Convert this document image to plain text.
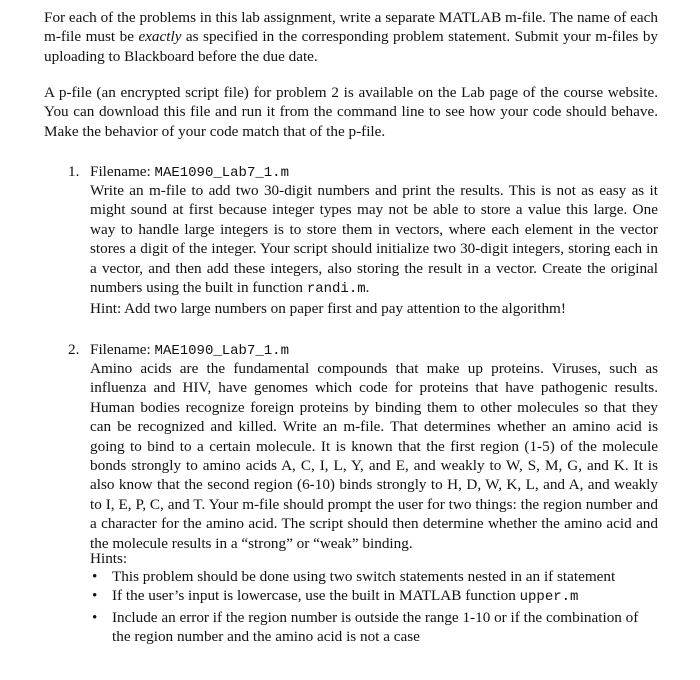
For each of the problems in this lab assignment, write a separate MATLAB m-file. The name of each m-file must be exactly as specified in the corresponding problem statement. Submit your m-files by uploading to Blackboard before the due date.

A p-file (an encrypted script file) for problem 2 is available on the Lab page of the course website. You can download this file and run it from the command line to see how your code should behave. Make the behavior of your code match that of the p-file.

1. Filename: MAE1090_Lab7_1.m

Write an m-file to add two 30-digit numbers and print the results. This is not as easy as it might sound at first because integer types may not be able to store a value this large. One way to handle large integers is to store them in vectors, where each element in the vector stores a digit of the integer. Your script should initialize two 30-digit integers, storing each in a vector, and then add these integers, also storing the result in a vector. Create the original numbers using the built in function randi.m.

Hint: Add two large numbers on paper first and pay attention to the algorithm!

2. Filename: MAE1090_Lab7_1.m

Amino acids are the fundamental compounds that make up proteins. Viruses, such as influenza and HIV, have genomes which code for proteins that have pathogenic results. Human bodies recognize foreign proteins by binding them to other molecules so that they can be recognized and killed. Write an m-file. That determines whether an amino acid is going to bind to a certain molecule. It is known that the first region (1-5) of the molecule bonds strongly to amino acids A, C, I, L, Y, and E, and weakly to W, S, M, G, and K. It is also know that the second region (6-10) binds strongly to H, D, W, K, L, and A, and weakly to I, E, P, C, and T. Your m-file should prompt the user for two things: the region number and a character for the amino acid. The script should then determine whether the amino acid and the molecule results in a “strong” or “weak” binding.

Hints:

• This problem should be done using two switch statements nested in an if statement
• If the user’s input is lowercase, use the built in MATLAB function upper.m
• Include an error if the region number is outside the range 1-10 or if the combination of the region number and the amino acid is not a case
